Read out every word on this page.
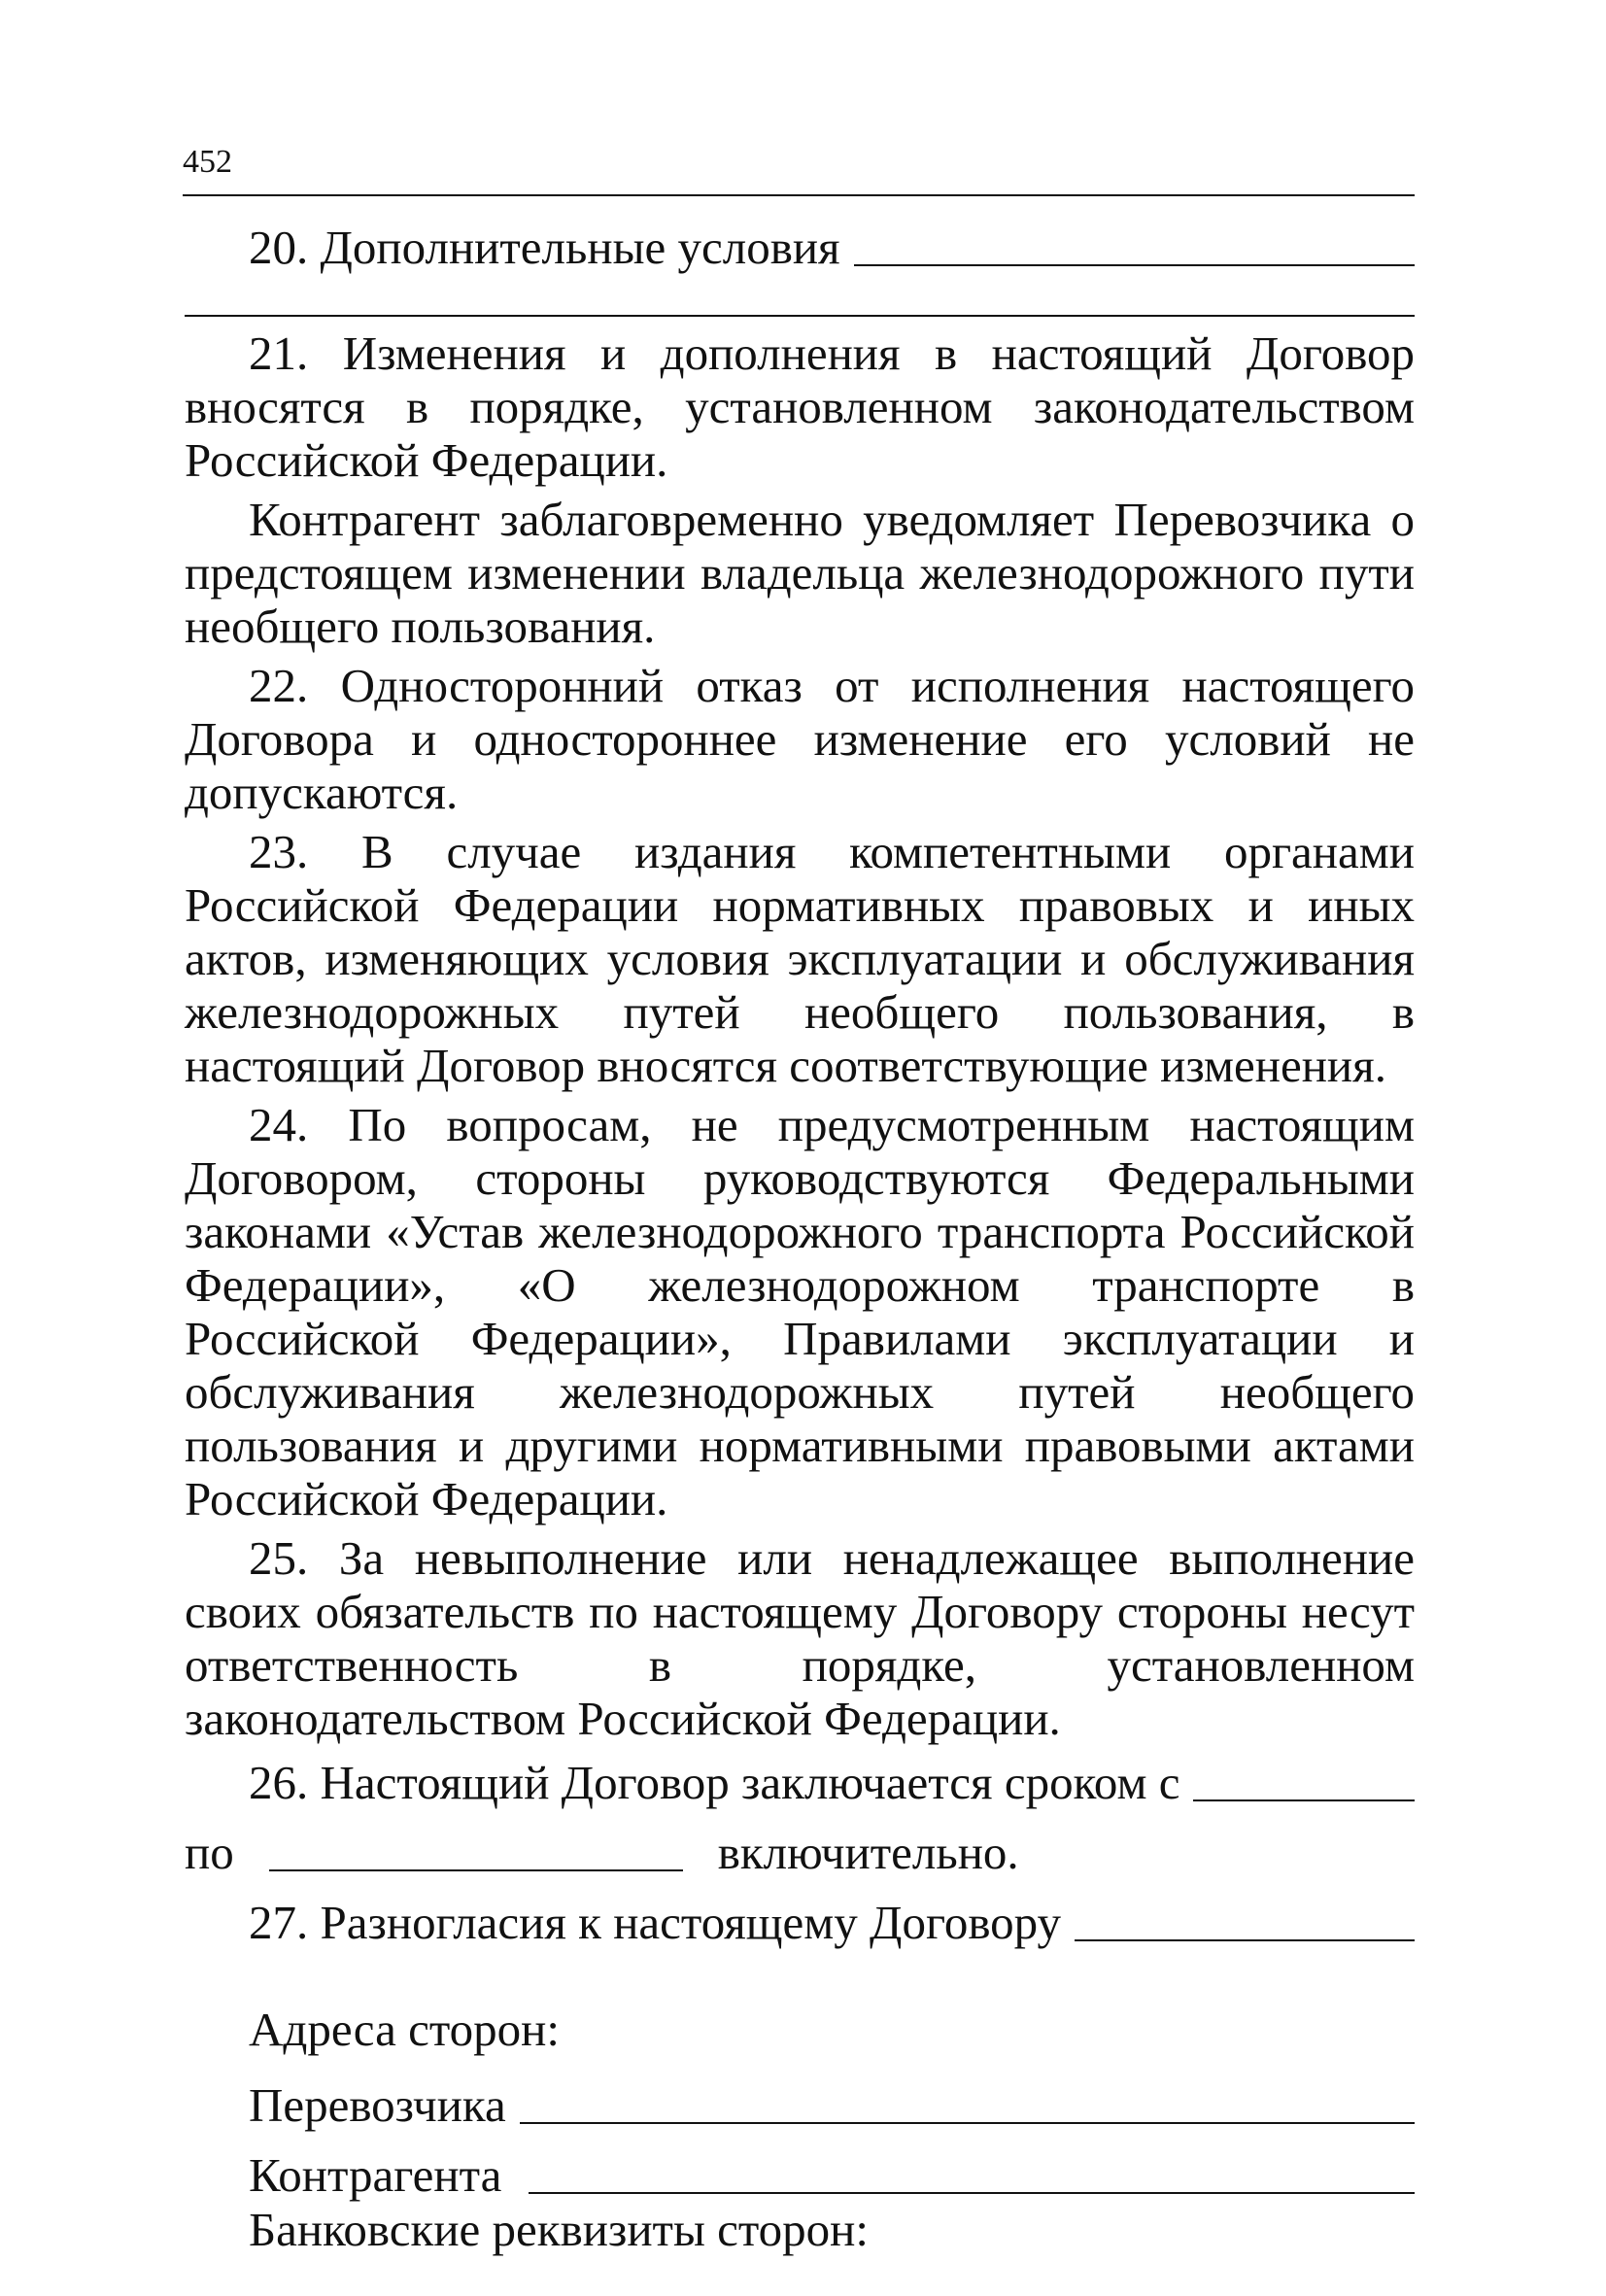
452
20. Дополнительные условия

21. Изменения и дополнения в настоящий Договор вносятся в порядке, установленном законодательством Российской Федерации.

Контрагент заблаговременно уведомляет Перевозчика о предстоящем изменении владельца железнодорожного пути необщего пользования.

22. Односторонний отказ от исполнения настоящего Договора и одностороннее изменение его условий не допускаются.

23. В случае издания компетентными органами Российской Федерации нормативных правовых и иных актов, изменяющих условия эксплуатации и обслуживания железнодорожных путей необщего пользования, в настоящий Договор вносятся соответствующие изменения.

24. По вопросам, не предусмотренным настоящим Договором, стороны руководствуются Федеральными законами «Устав железнодорожного транспорта Российской Федерации», «О железнодорожном транспорте в Российской Федерации», Правилами эксплуатации и обслуживания железнодорожных путей необщего пользования и другими нормативными правовыми актами Российской Федерации.

25. За невыполнение или ненадлежащее выполнение своих обязательств по настоящему Договору стороны несут ответственность в порядке, установленном законодательством Российской Федерации.

26. Настоящий Договор заключается сроком с
по	включительно.
27. Разногласия к настоящему Договору
Адреса сторон:
Перевозчика
Контрагента
Банковские реквизиты сторон:
